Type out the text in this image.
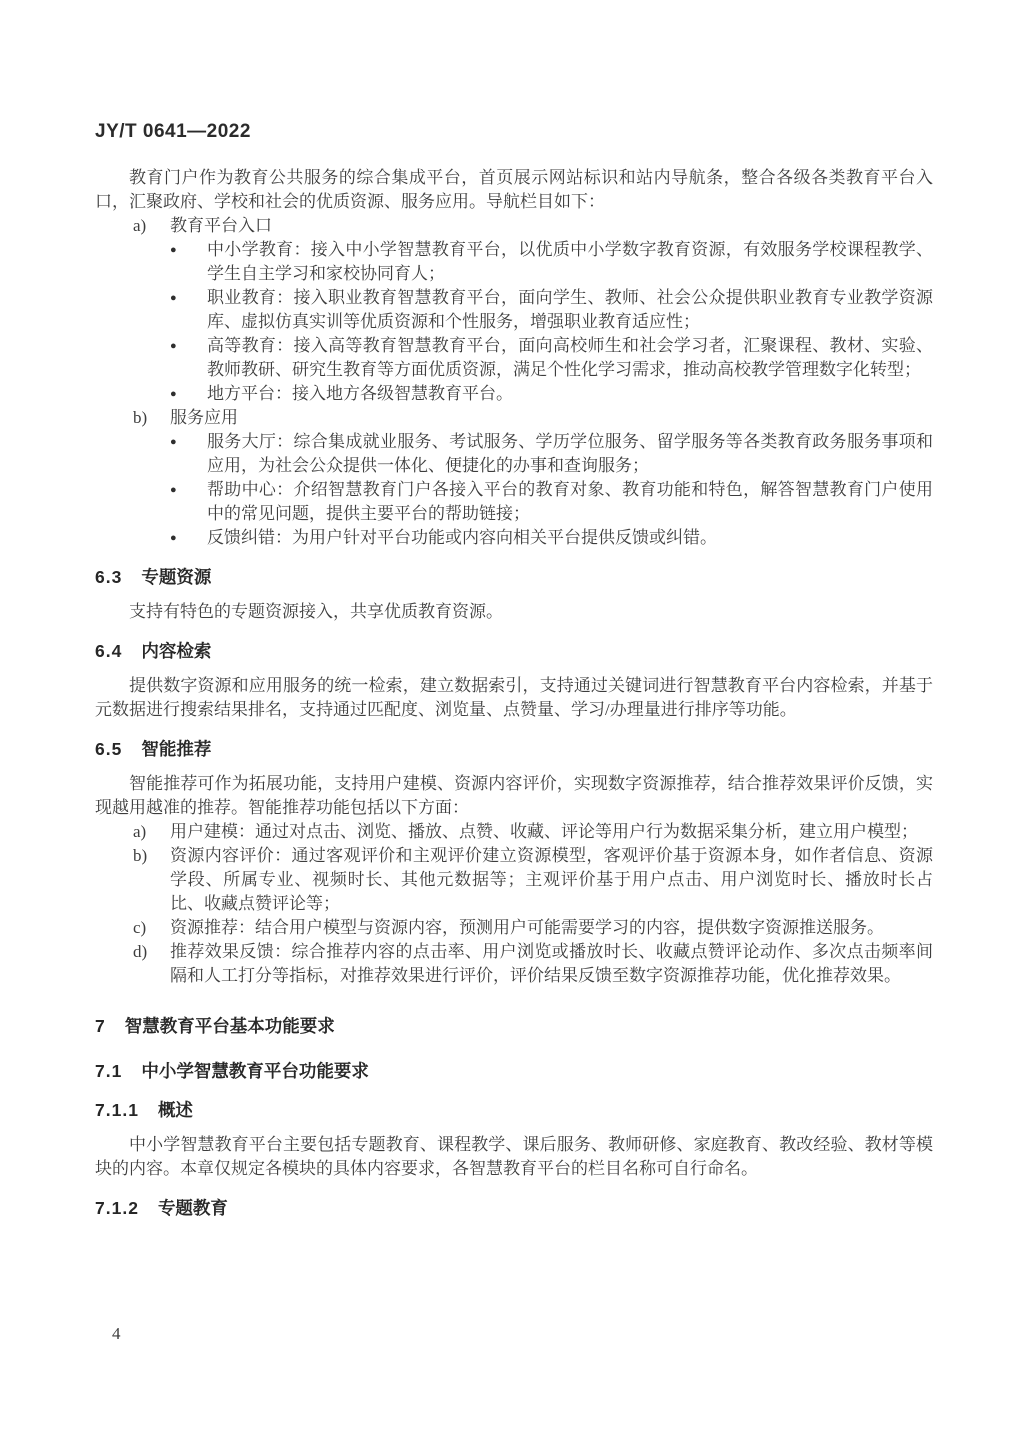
JY/T 0641—2022

教育门户作为教育公共服务的综合集成平台，首页展示网站标识和站内导航条，整合各级各类教育平台入口，汇聚政府、学校和社会的优质资源、服务应用。导航栏目如下：

a)	教育平台入口
●	中小学教育：接入中小学智慧教育平台，以优质中小学数字教育资源，有效服务学校课程教学、学生自主学习和家校协同育人；
●	职业教育：接入职业教育智慧教育平台，面向学生、教师、社会公众提供职业教育专业教学资源库、虚拟仿真实训等优质资源和个性服务，增强职业教育适应性；
●	高等教育：接入高等教育智慧教育平台，面向高校师生和社会学习者，汇聚课程、教材、实验、教师教研、研究生教育等方面优质资源，满足个性化学习需求，推动高校教学管理数字化转型；
●	地方平台：接入地方各级智慧教育平台。
b)	服务应用
●	服务大厅：综合集成就业服务、考试服务、学历学位服务、留学服务等各类教育政务服务事项和应用，为社会公众提供一体化、便捷化的办事和查询服务；
●	帮助中心：介绍智慧教育门户各接入平台的教育对象、教育功能和特色，解答智慧教育门户使用中的常见问题，提供主要平台的帮助链接；
●	反馈纠错：为用户针对平台功能或内容向相关平台提供反馈或纠错。
6.3 专题资源

支持有特色的专题资源接入，共享优质教育资源。

6.4 内容检索

提供数字资源和应用服务的统一检索，建立数据索引，支持通过关键词进行智慧教育平台内容检索，并基于元数据进行搜索结果排名，支持通过匹配度、浏览量、点赞量、学习/办理量进行排序等功能。

6.5 智能推荐

智能推荐可作为拓展功能，支持用户建模、资源内容评价，实现数字资源推荐，结合推荐效果评价反馈，实现越用越准的推荐。智能推荐功能包括以下方面：

a)	用户建模：通过对点击、浏览、播放、点赞、收藏、评论等用户行为数据采集分析，建立用户模型；
b)	资源内容评价：通过客观评价和主观评价建立资源模型，客观评价基于资源本身，如作者信息、资源学段、所属专业、视频时长、其他元数据等；主观评价基于用户点击、用户浏览时长、播放时长占比、收藏点赞评论等；
c)	资源推荐：结合用户模型与资源内容，预测用户可能需要学习的内容，提供数字资源推送服务。
d)	推荐效果反馈：综合推荐内容的点击率、用户浏览或播放时长、收藏点赞评论动作、多次点击频率间隔和人工打分等指标，对推荐效果进行评价，评价结果反馈至数字资源推荐功能，优化推荐效果。
7 智慧教育平台基本功能要求
7.1 中小学智慧教育平台功能要求
7.1.1 概述

中小学智慧教育平台主要包括专题教育、课程教学、课后服务、教师研修、家庭教育、教改经验、教材等模块的内容。本章仅规定各模块的具体内容要求，各智慧教育平台的栏目名称可自行命名。

7.1.2 专题教育
4
